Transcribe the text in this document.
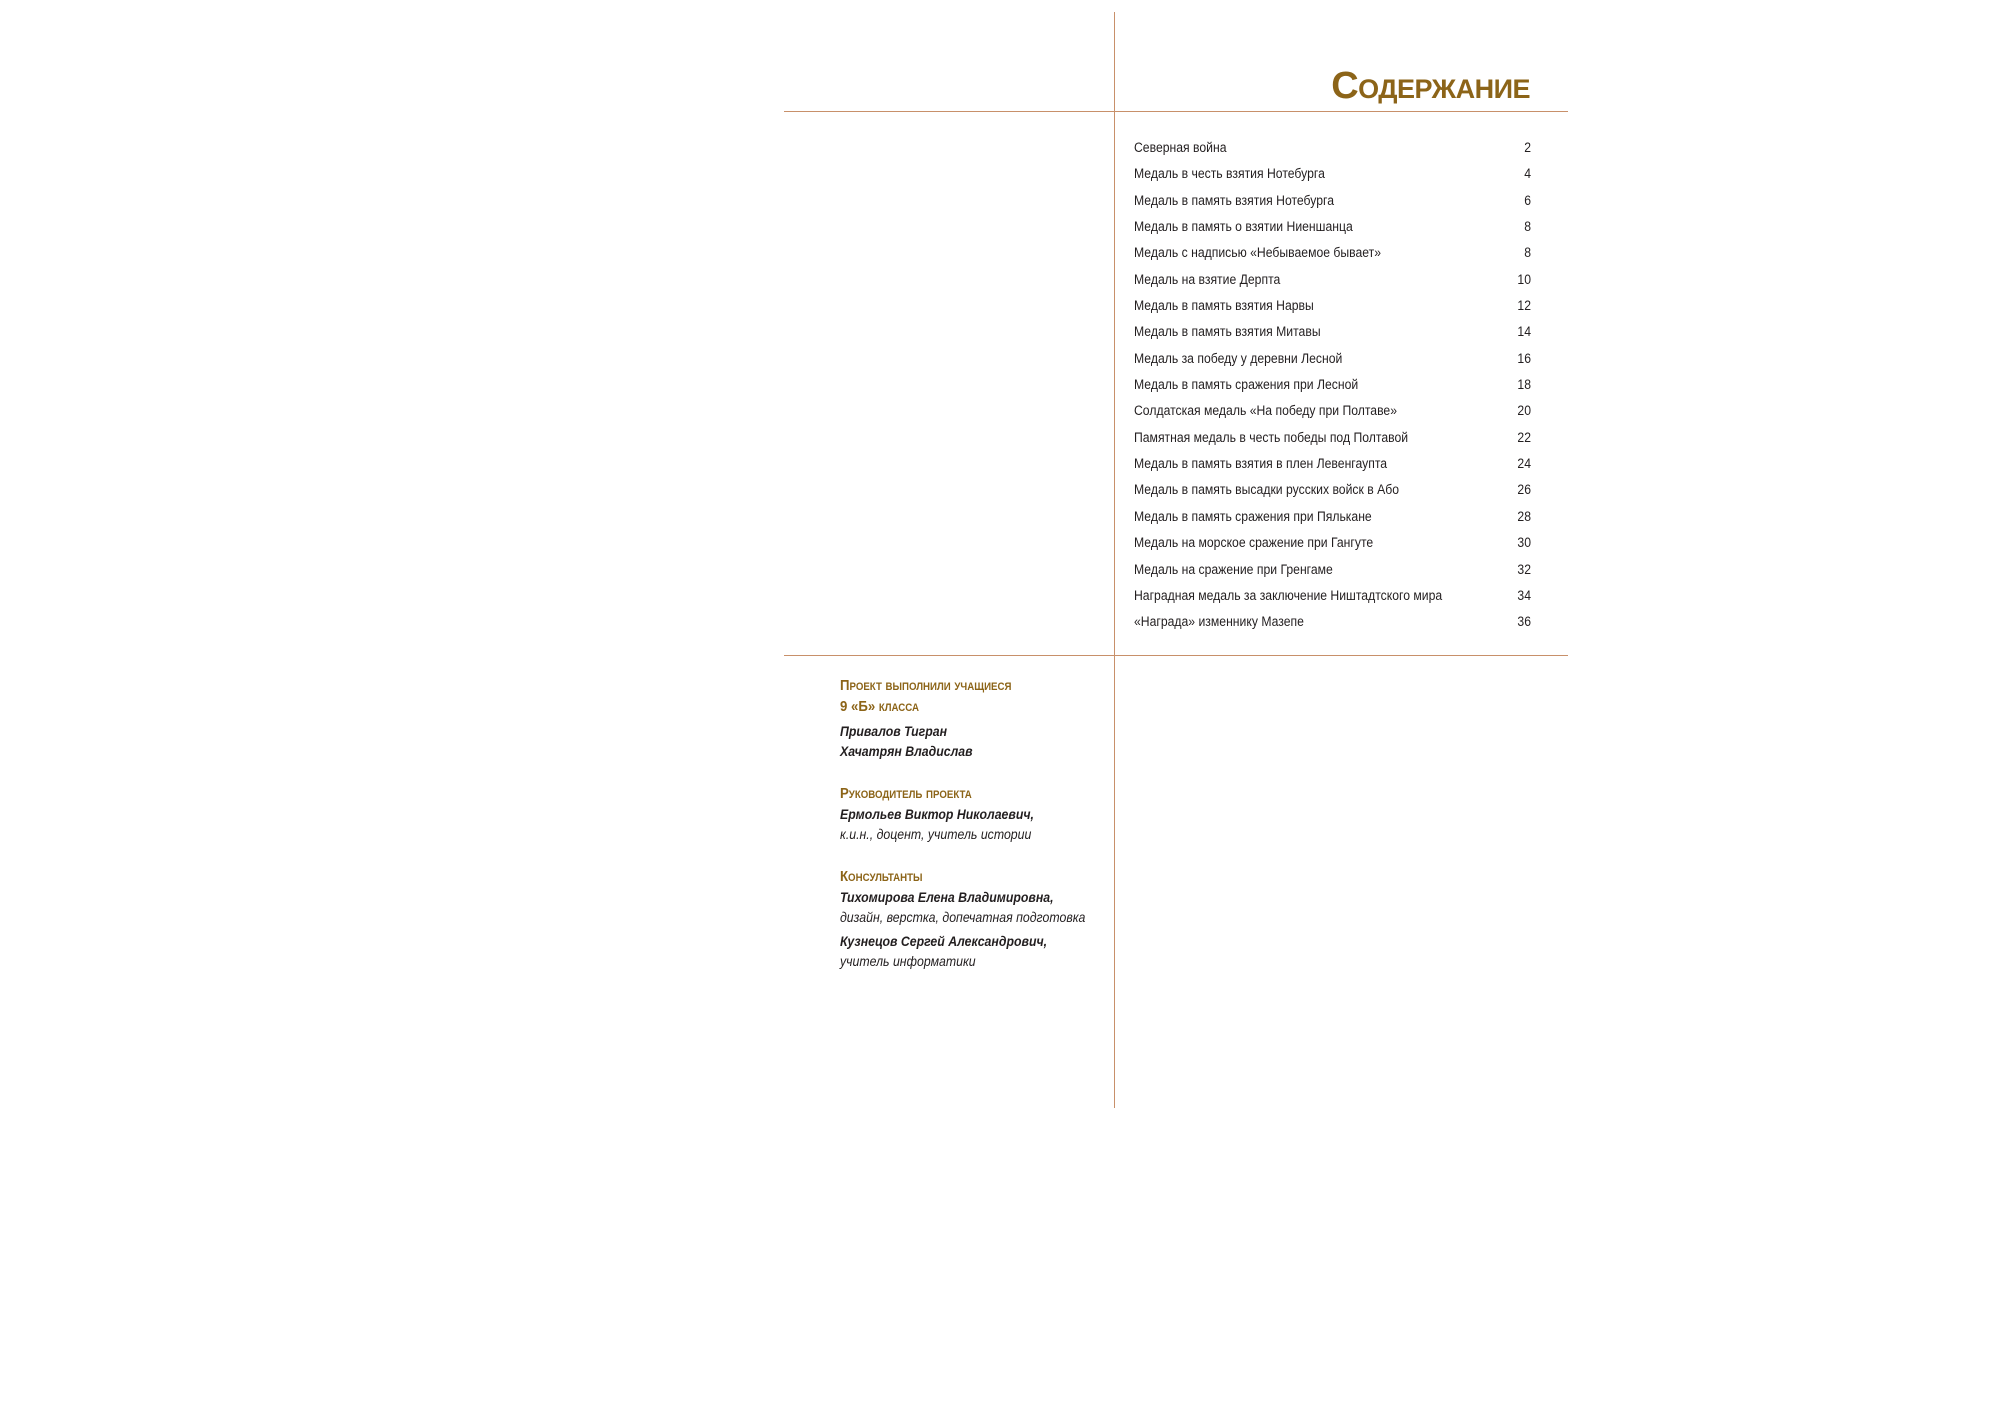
Содержание
Северная война	2
Медаль в честь взятия Нотебурга	4
Медаль в память взятия Нотебурга	6
Медаль в память о взятии Ниеншанца	8
Медаль с надписью «Небываемое бывает»	8
Медаль на взятие Дерпта	10
Медаль в память взятия Нарвы	12
Медаль в память взятия Митавы	14
Медаль за победу у деревни Лесной	16
Медаль в память сражения при Лесной	18
Солдатская медаль «На победу при Полтаве»	20
Памятная медаль в честь победы под Полтавой	22
Медаль в память взятия в плен Левенгаупта	24
Медаль в память высадки русских войск в Або	26
Медаль в память сражения при Пялькане	28
Медаль на морское сражение при Гангуте	30
Медаль на сражение при Гренгаме	32
Наградная медаль за заключение Ништадтского мира	34
«Награда» изменнику Мазепе	36

Проект выполнили учащиеся

9 «Б» класса

Привалов Тигран

Хачатрян Владислав

Руководитель проекта

Ермольев Виктор Николаевич,

к.и.н., доцент, учитель истории

Консультанты

Тихомирова Елена Владимировна,

дизайн, верстка, допечатная подготовка

Кузнецов Сергей Александрович,

учитель информатики
